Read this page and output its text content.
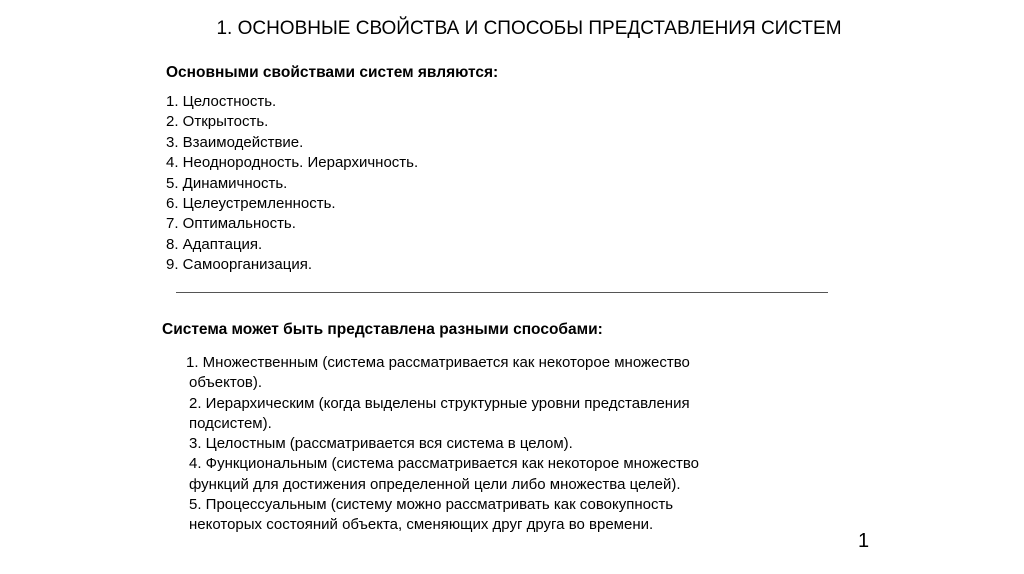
1. ОСНОВНЫЕ СВОЙСТВА И СПОСОБЫ ПРЕДСТАВЛЕНИЯ СИСТЕМ
Основными свойствами систем являются:
1. Целостность.
2. Открытость.
3. Взаимодействие.
4. Неоднородность. Иерархичность.
5. Динамичность.
6. Целеустремленность.
7. Оптимальность.
8. Адаптация.
9. Самоорганизация.
Система может быть представлена разными способами:
1. Множественным (система рассматривается как некоторое множество
объектов).
2. Иерархическим (когда выделены структурные уровни представления
подсистем).
3. Целостным (рассматривается вся система в целом).
4. Функциональным (система рассматривается как некоторое множество
функций для достижения определенной цели либо множества целей).
5. Процессуальным (систему можно рассматривать как совокупность
некоторых состояний объекта, сменяющих друг друга во времени.
1
